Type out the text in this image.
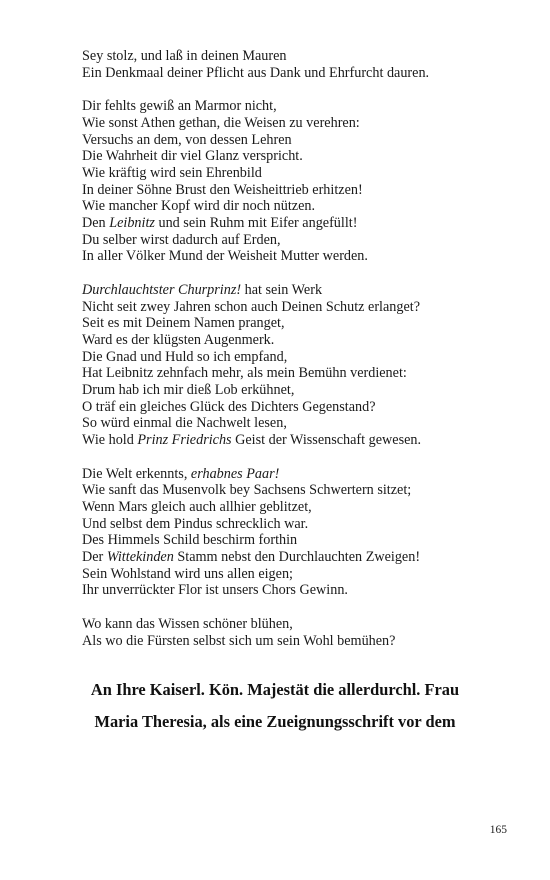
Sey stolz, und laß in deinen Mauren
Ein Denkmaal deiner Pflicht aus Dank und Ehrfurcht dauren.
Dir fehlts gewiß an Marmor nicht,
Wie sonst Athen gethan, die Weisen zu verehren:
Versuchs an dem, von dessen Lehren
Die Wahrheit dir viel Glanz verspricht.
Wie kräftig wird sein Ehrenbild
In deiner Söhne Brust den Weisheittrieb erhitzen!
Wie mancher Kopf wird dir noch nützen.
Den Leibnitz und sein Ruhm mit Eifer angefüllt!
Du selber wirst dadurch auf Erden,
In aller Völker Mund der Weisheit Mutter werden.
Durchlauchtster Churprinz! hat sein Werk
Nicht seit zwey Jahren schon auch Deinen Schutz erlanget?
Seit es mit Deinem Namen pranget,
Ward es der klügsten Augenmerk.
Die Gnad und Huld so ich empfand,
Hat Leibnitz zehnfach mehr, als mein Bemühn verdienet:
Drum hab ich mir dieß Lob erkühnet,
O träf ein gleiches Glück des Dichters Gegenstand?
So würd einmal die Nachwelt lesen,
Wie hold Prinz Friedrichs Geist der Wissenschaft gewesen.
Die Welt erkennts, erhabnes Paar!
Wie sanft das Musenvolk bey Sachsens Schwertern sitzet;
Wenn Mars gleich auch allhier geblitzet,
Und selbst dem Pindus schrecklich war.
Des Himmels Schild beschirm forthin
Der Wittekinden Stamm nebst den Durchlauchten Zweigen!
Sein Wohlstand wird uns allen eigen;
Ihr unverrückter Flor ist unsers Chors Gewinn.
Wo kann das Wissen schöner blühen,
Als wo die Fürsten selbst sich um sein Wohl bemühen?
An Ihre Kaiserl. Kön. Majestät die allerdurchl. Frau
Maria Theresia, als eine Zueignungsschrift vor dem
165
